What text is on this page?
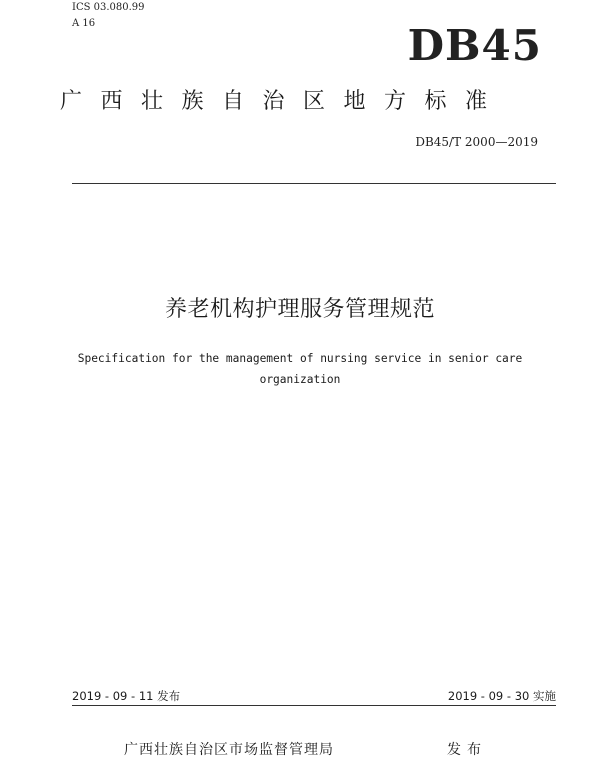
ICS 03.080.99
A 16	DB45
广西壮族自治区地方标准
DB45/T 2000—2019
养老机构护理服务管理规范
Specification for the management of nursing service in senior care organization
2019 - 09 - 11 发布	2019 - 09 - 30 实施
广西壮族自治区市场监督管理局	发布
